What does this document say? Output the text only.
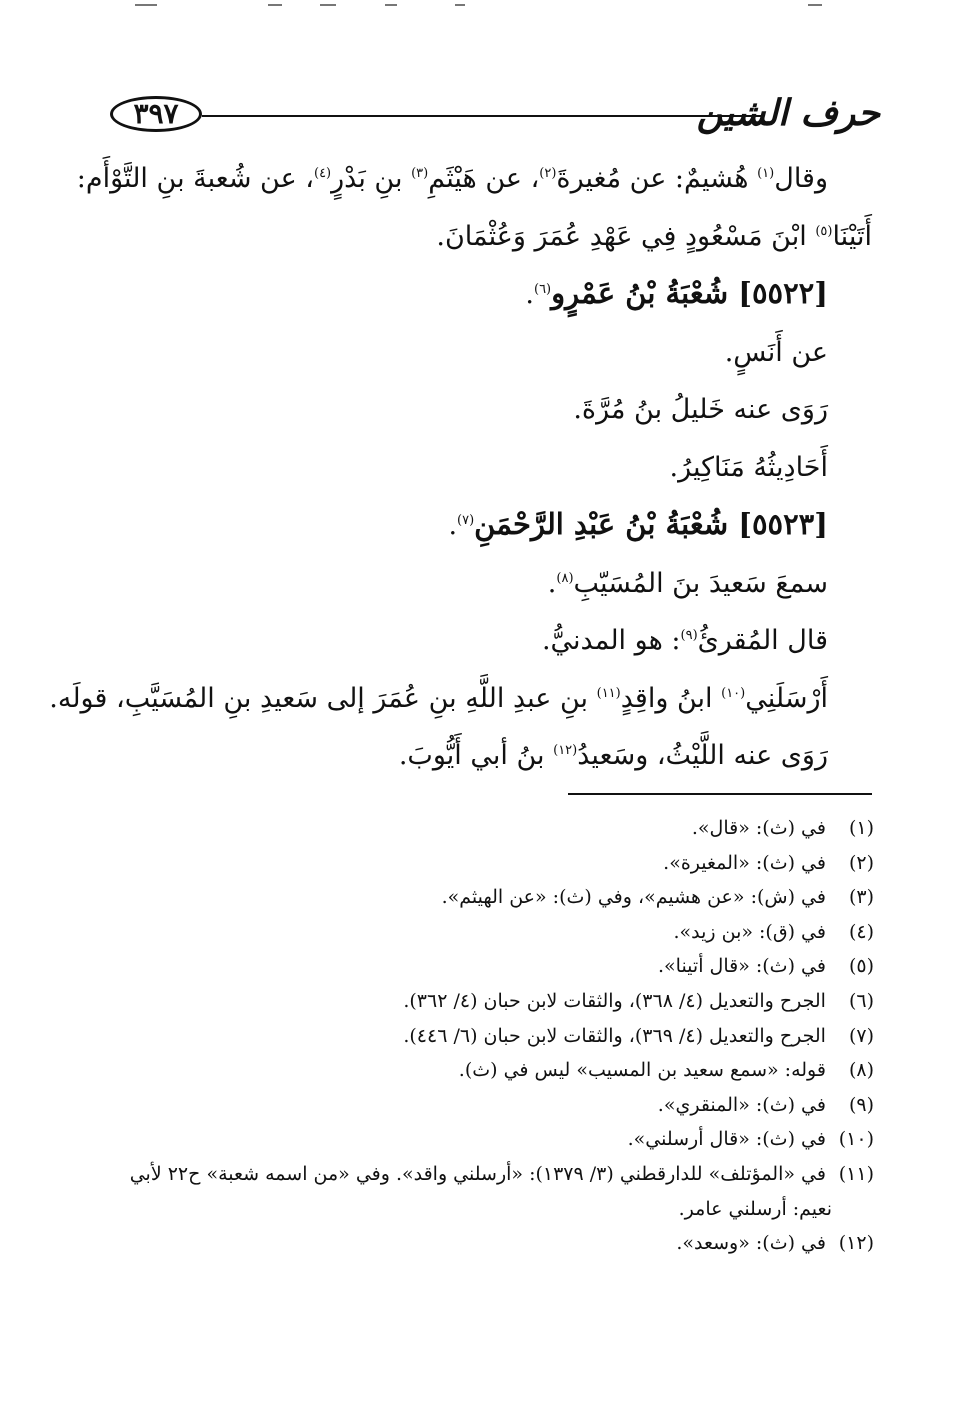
٣٩٧	حرف الشين
وقال$^{(١)}$ هُشيمٌ: عن مُغيرةَ$^{(٢)}$، عن هَيْثَمِ$^{(٣)}$ بنِ بَدْرٍ$^{(٤)}$، عن شُعبةَ بنِ التَّوْأَم:
أَتَيْنَا$^{(٥)}$ ابْنَ مَسْعُودٍ فِي عَهْدِ عُمَرَ وَعُثْمَانَ.
[٥٥٢٢] شُعْبَةُ بْنُ عَمْرٍو$^{(٦)}$.
عن أَنَسٍ.
رَوَى عنه خَليلُ بنُ مُرَّةَ.
أَحَادِيثُهُ مَنَاكِيرُ.
[٥٥٢٣] شُعْبَةُ بْنُ عَبْدِ الرَّحْمَنِ$^{(٧)}$.
سمعَ سَعيدَ بنَ المُسَيّبِ$^{(٨)}$.
قال المُقرئُ$^{(٩)}$: هو المدنيُّ.
أَرْسَلَنِي$^{(١٠)}$ ابنُ واقِدٍ$^{(١١)}$ بنِ عبدِ اللَّهِ بنِ عُمَرَ إلى سَعيدِ بنِ المُسَيَّبِ، قولَه.
رَوَى عنه اللَّيْثُ، وسَعيدُ$^{(١٢)}$ بنُ أبي أَيُّوبَ.
(١) في (ث): «قال».
(٢) في (ث): «المغيرة».
(٣) في (ش): «عن هشيم»، وفي (ث): «عن الهيثم».
(٤) في (ق): «بن زيد».
(٥) في (ث): «قال أتينا».
(٦) الجرح والتعديل (٤/ ٣٦٨)، والثقات لابن حبان (٤/ ٣٦٢).
(٧) الجرح والتعديل (٤/ ٣٦٩)، والثقات لابن حبان (٦/ ٤٤٦).
(٨) قوله: «سمع سعيد بن المسيب» ليس في (ث).
(٩) في (ث): «المنقري».
(١٠) في (ث): «قال أرسلني».
(١١) في «المؤتلف» للدارقطني (٣/ ١٣٧٩): «أرسلني واقد». وفي «من اسمه شعبة» ح٢٢ لأبي
نعيم: أرسلني عامر.
(١٢) في (ث): «وسعد».
